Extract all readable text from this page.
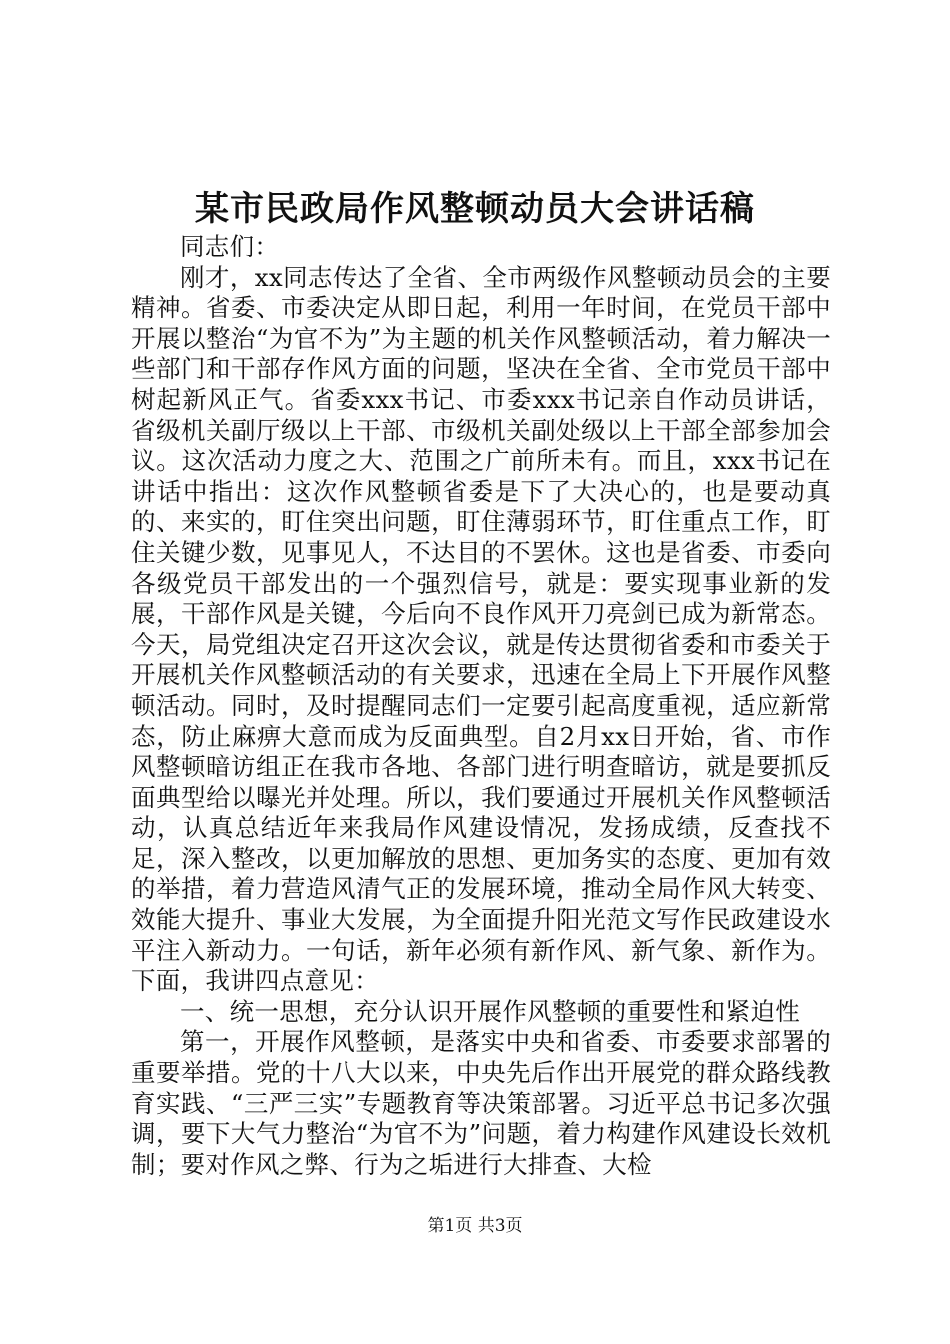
某市民政局作风整顿动员大会讲话稿

同志们：

刚才，xx同志传达了全省、全市两级作风整顿动员会的主要精神。省委、市委决定从即日起，利用一年时间，在党员干部中开展以整治“为官不为”为主题的机关作风整顿活动，着力解决一些部门和干部存作风方面的问题，坚决在全省、全市党员干部中树起新风正气。省委xxx书记、市委xxx书记亲自作动员讲话，省级机关副厅级以上干部、市级机关副处级以上干部全部参加会议。这次活动力度之大、范围之广前所未有。而且，xxx书记在讲话中指出：这次作风整顿省委是下了大决心的，也是要动真的、来实的，盯住突出问题，盯住薄弱环节，盯住重点工作，盯住关键少数，见事见人，不达目的不罢休。这也是省委、市委向各级党员干部发出的一个强烈信号，就是：要实现事业新的发展，干部作风是关键，今后向不良作风开刀亮剑已成为新常态。今天，局党组决定召开这次会议，就是传达贯彻省委和市委关于开展机关作风整顿活动的有关要求，迅速在全局上下开展作风整顿活动。同时，及时提醒同志们一定要引起高度重视，适应新常态，防止麻痹大意而成为反面典型。自2月xx日开始，省、市作风整顿暗访组正在我市各地、各部门进行明查暗访，就是要抓反面典型给以曝光并处理。所以，我们要通过开展机关作风整顿活动，认真总结近年来我局作风建设情况，发扬成绩，反查找不足，深入整改，以更加解放的思想、更加务实的态度、更加有效的举措，着力营造风清气正的发展环境，推动全局作风大转变、效能大提升、事业大发展，为全面提升阳光范文写作民政建设水平注入新动力。一句话，新年必须有新作风、新气象、新作为。下面，我讲四点意见：

一、统一思想，充分认识开展作风整顿的重要性和紧迫性

第一，开展作风整顿，是落实中央和省委、市委要求部署的重要举措。党的十八大以来，中央先后作出开展党的群众路线教育实践、“三严三实”专题教育等决策部署。习近平总书记多次强调，要下大气力整治“为官不为”问题，着力构建作风建设长效机制；要对作风之弊、行为之垢进行大排查、大检

第1页 共3页
